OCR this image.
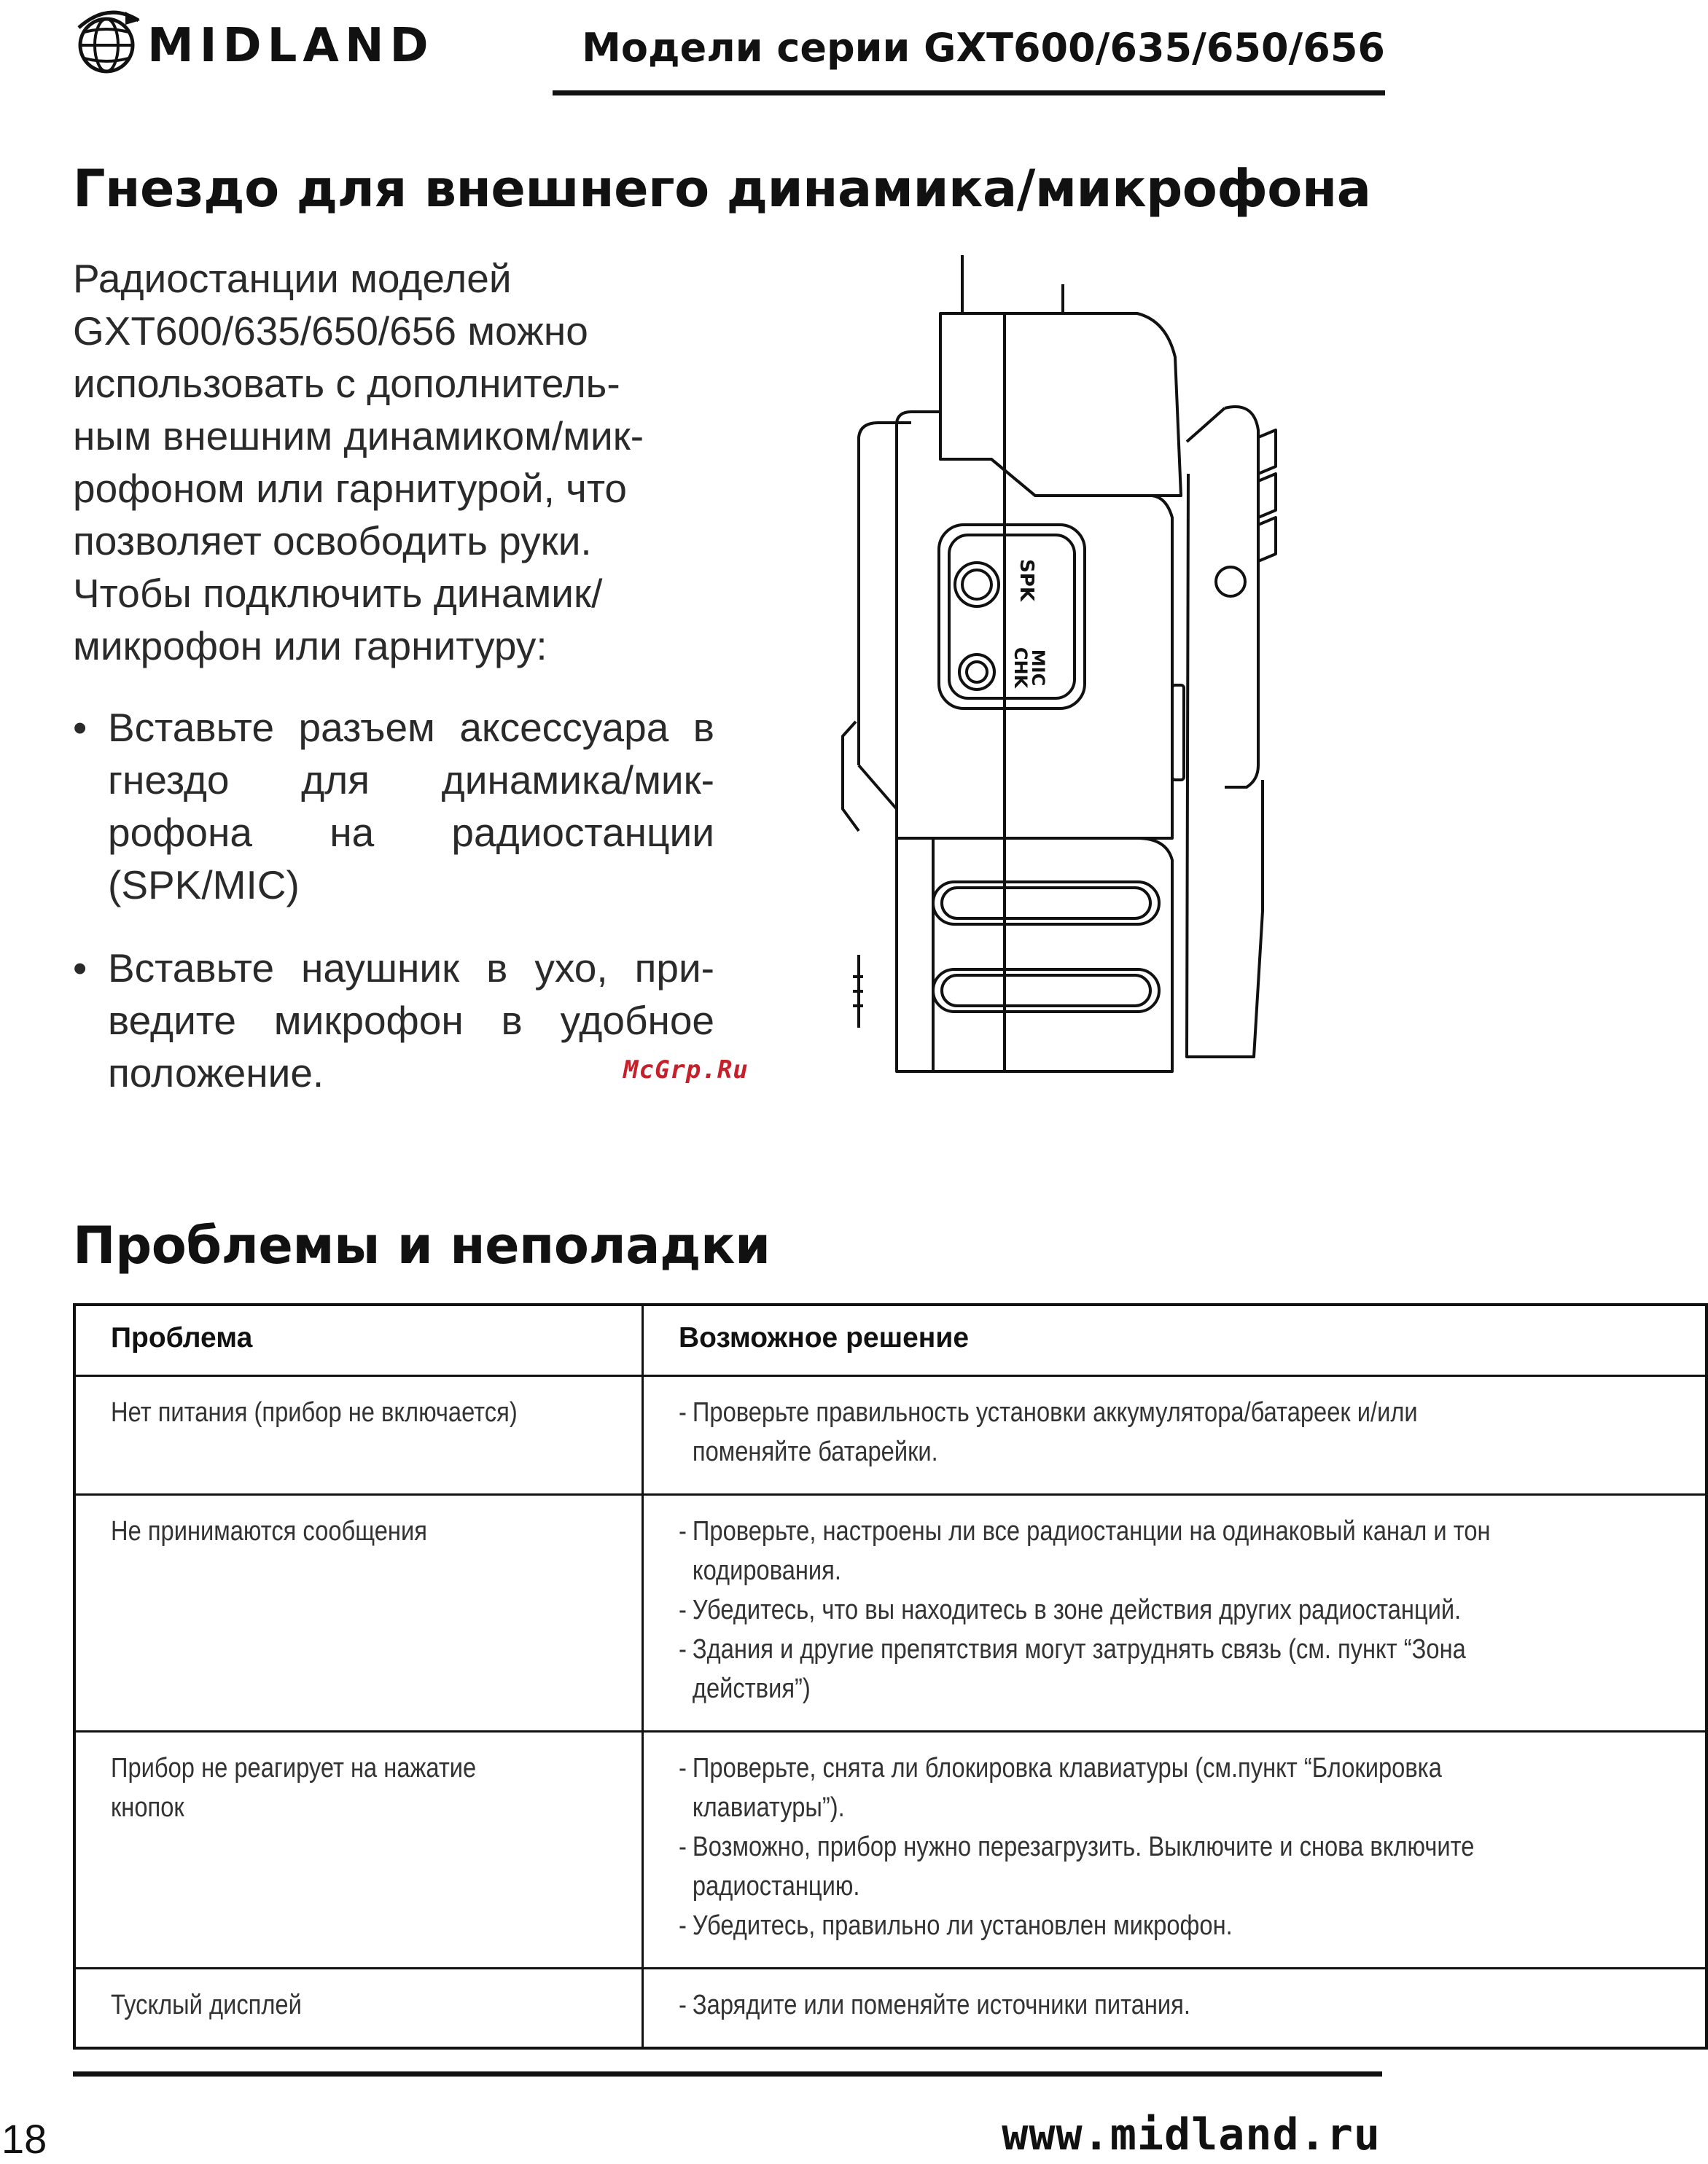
MIDLAND	Модели серии GXT600/635/650/656
Гнездо для внешнего динамика/микрофона
Радиостанции моделей
GXT600/635/650/656 можно
использовать с дополнитель-
ным внешним динамиком/мик-
рофоном или гарнитурой, что
позволяет освободить руки.
Чтобы подключить динамик/
микрофон или гарнитуру:
• Вставьте разъем аксессуара в гнездо для динамика/мик-рофона на радиостанции (SPK/MIC)
• Вставьте наушник в ухо, при-ведите микрофон в удобное положение.	McGrp.Ru
SPK
MIC
CHK
Проблемы и неполадки
Проблема	Возможное решение

Нет питания (прибор не включается)	- Проверьте правильность установки аккумулятора/батареек и/или поменяйте батарейки.

Не принимаются сообщения	- Проверьте, настроены ли все радиостанции на одинаковый канал и тон кодирования.
- Убедитесь, что вы находитесь в зоне действия других радиостанций.
- Здания и другие препятствия могут затруднять связь (см. пункт “Зона действия”)

Прибор не реагирует на нажатие кнопок	- Проверьте, снята ли блокировка клавиатуры (см.пункт “Блокировка клавиатуры”).
- Возможно, прибор нужно перезагрузить. Выключите и снова включите радиостанцию.
- Убедитесь, правильно ли установлен микрофон.

Тусклый дисплей	- Зарядите или поменяйте источники питания.
18	www.midland.ru
